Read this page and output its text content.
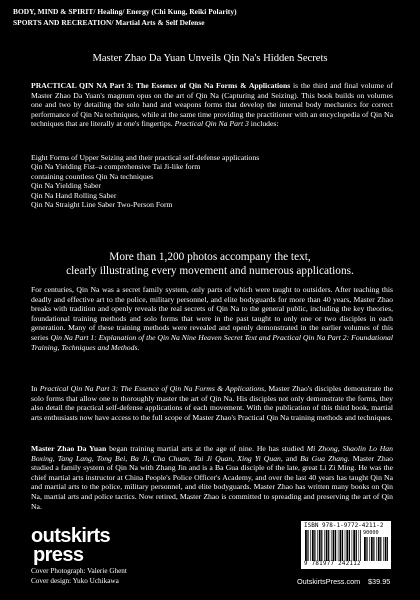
BODY, MIND & SPIRIT/ Healing/ Energy (Chi Kung, Reiki Polarity)
SPORTS AND RECREATION/ Martial Arts & Self Defense
Master Zhao Da Yuan Unveils Qin Na's Hidden Secrets
PRACTICAL QIN NA Part 3: The Essence of Qin Na Forms & Applications is the third and final volume of Master Zhao Da Yuan's magnum opus on the art of Qin Na (Capturing and Seizing). This book builds on volumes one and two by detailing the solo hand and weapons forms that develop the internal body mechanics for correct performance of Qin Na techniques, while at the same time providing the practitioner with an encyclopedia of Qin Na techniques that are literally at one's fingertips. Practical Qin Na Part 3 includes:
Eight Forms of Upper Seizing and their practical self-defense applications
Qin Na Yielding Fist–a comprehensive Tai Ji-like form
containing countless Qin Na techniques
Qin Na Yielding Saber
Qin Na Hand Rolling Saber
Qin Na Straight Line Saber Two-Person Form
More than 1,200 photos accompany the text,
clearly illustrating every movement and numerous applications.
For centuries, Qin Na was a secret family system, only parts of which were taught to outsiders. After teaching this deadly and effective art to the police, military personnel, and elite bodyguards for more than 40 years, Master Zhao breaks with tradition and openly reveals the real secrets of Qin Na to the general public, including the key theories, foundational training methods and solo forms that were in the past taught to only one or two disciples in each generation. Many of these training methods were revealed and openly demonstrated in the earlier volumes of this series Qin Na Part 1: Explanation of the Qin Na Nine Heaven Secret Text and Practical Qin Na Part 2: Foundational Training, Techniques and Methods.
In Practical Qin Na Part 3: The Essence of Qin Na Forms & Applications, Master Zhao's disciples demonstrate the solo forms that allow one to thoroughly master the art of Qin Na. His disciples not only demonstrate the forms, they also detail the practical self-defense applications of each movement. With the publication of this third book, martial arts enthusiasts now have access to the full scope of Master Zhao's Practical Qin Na training methods and techniques.
Master Zhao Da Yuan began training martial arts at the age of nine. He has studied Mi Zhong, Shaolin Lo Han Boxing, Tang Lang, Tong Bei, Ba Ji, Cha Chuan, Tai Ji Quan, Xing Yi Quan, and Ba Gua Zhang. Master Zhao studied a family system of Qin Na with Zhang Jin and is a Ba Gua disciple of the late, great Li Zi Ming. He was the chief martial arts instructor at China People's Police Officer's Academy, and over the last 40 years has taught Qin Na and martial arts to the police, military personnel, and elite bodyguards. Master Zhao has written many books on Qin Na, martial arts and police tactics. Now retired, Master Zhao is committed to spreading and preserving the art of Qin Na.
outskirts
press
Cover Photograph: Valerie Ghent
Cover design: Yuko Uchikawa
ISBN 978-1-9772-4211-2
90000
9 781977 242112
OutskirtsPress.com $39.95
